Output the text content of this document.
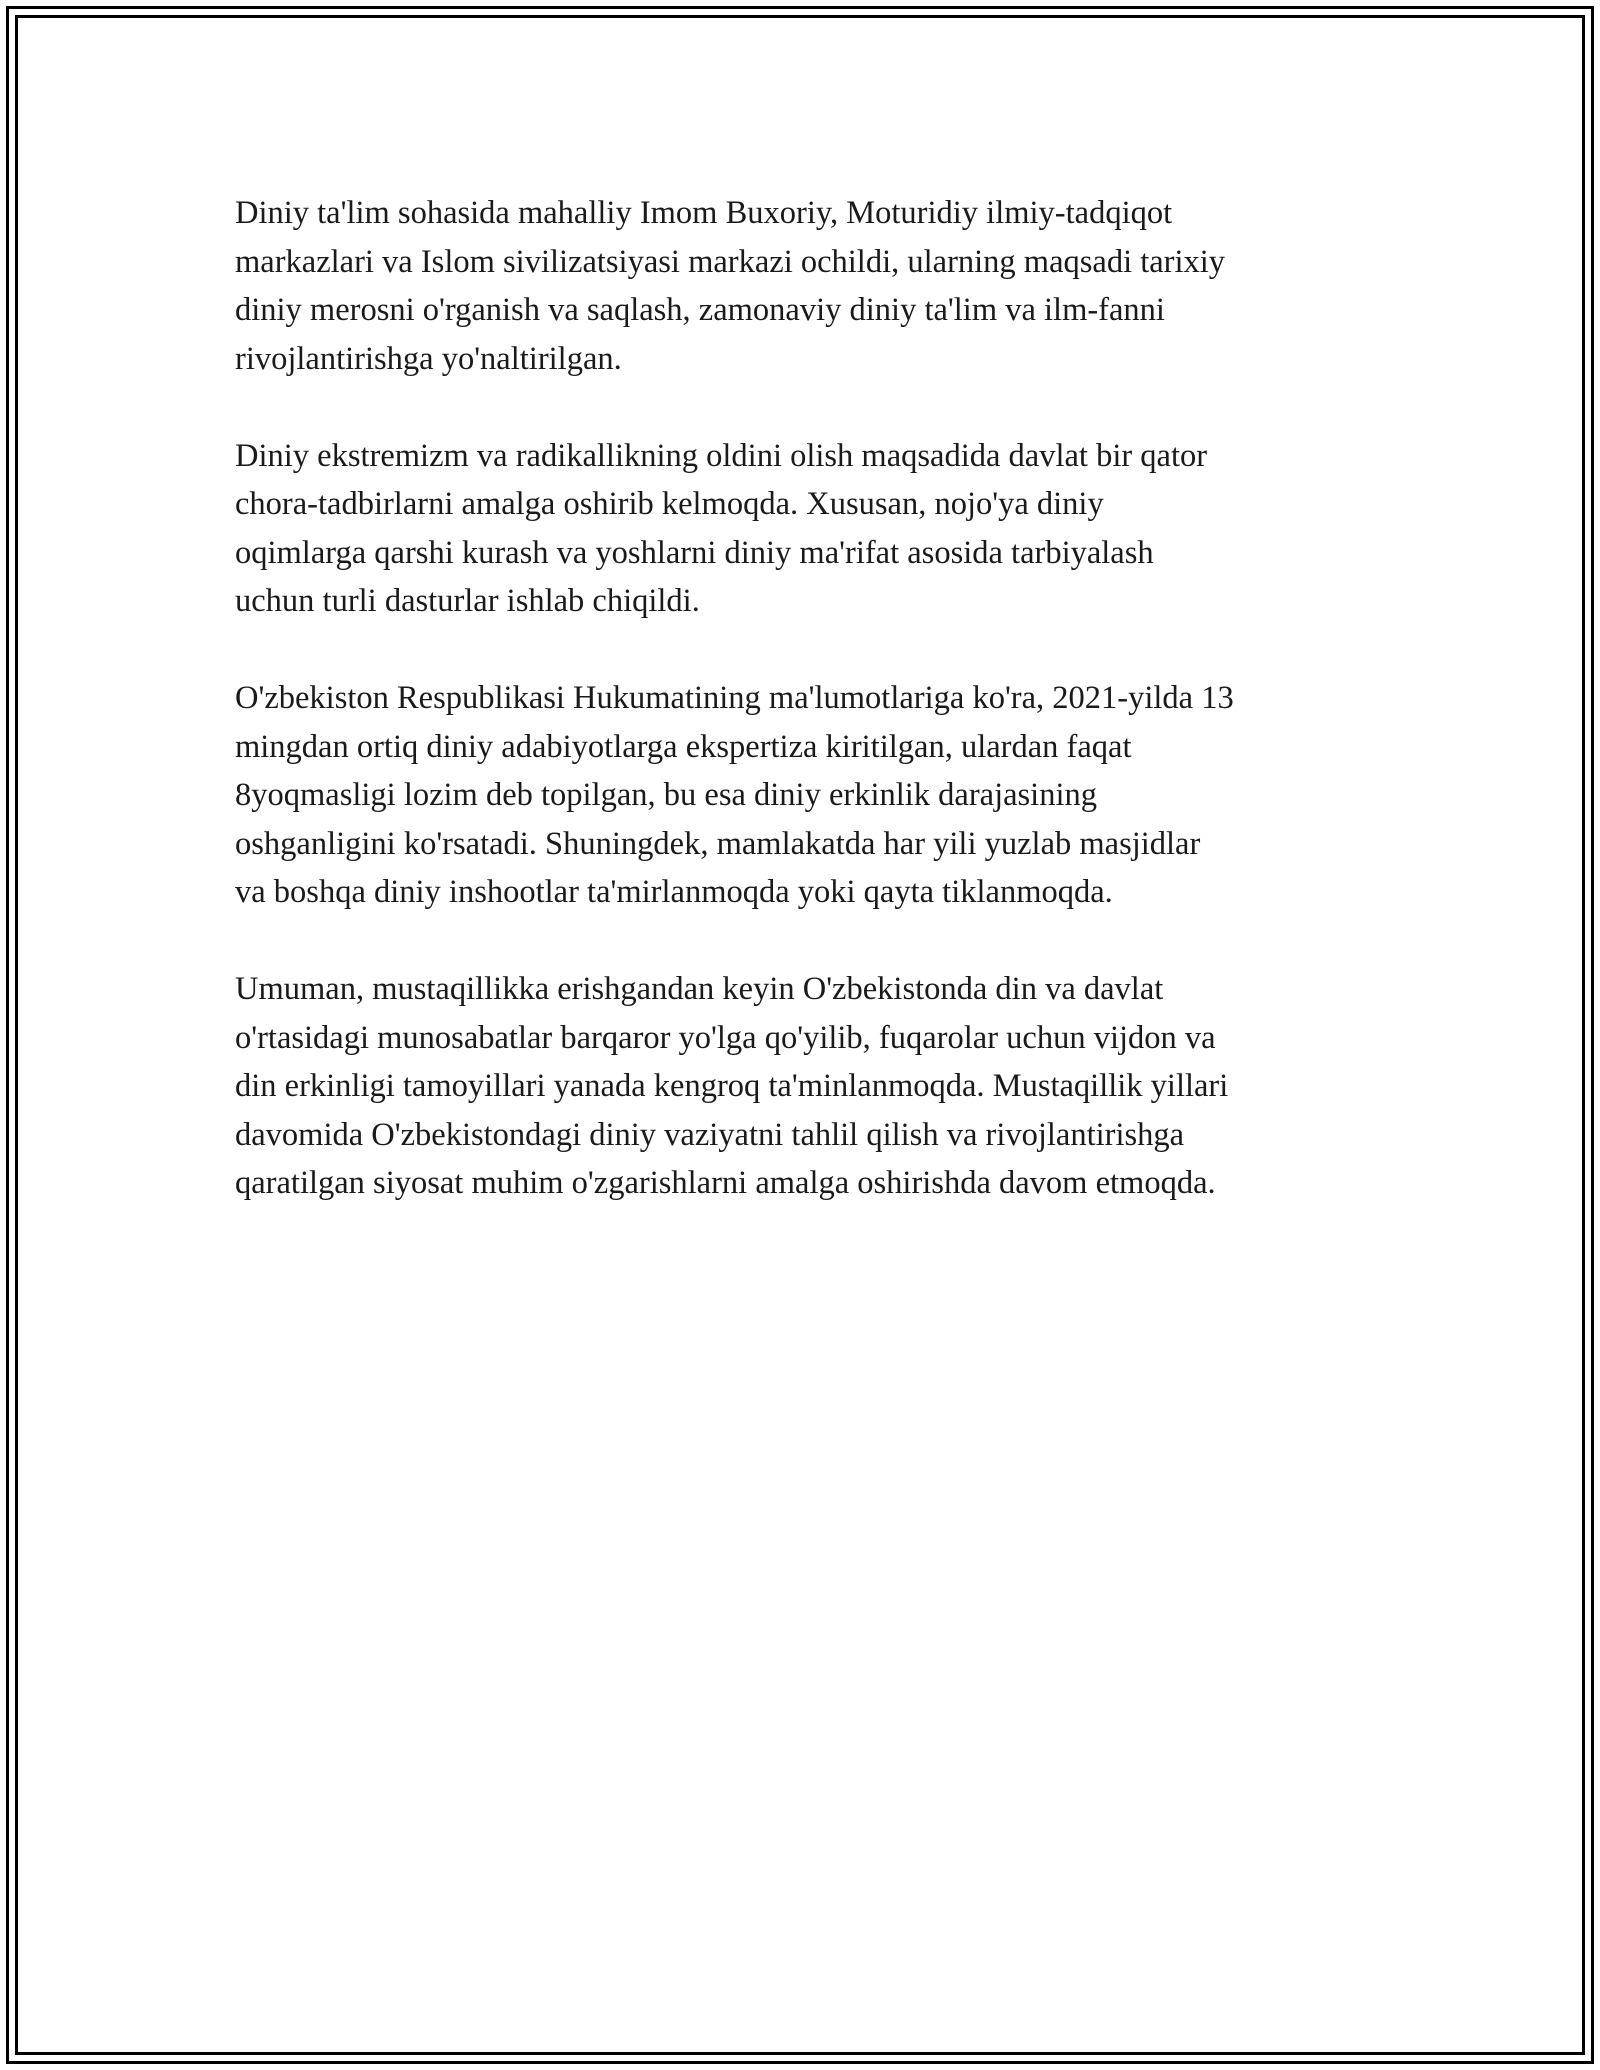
Diniy ta'lim sohasida mahalliy Imom Buxoriy, Moturidiy ilmiy-tadqiqot
markazlari va Islom sivilizatsiyasi markazi ochildi, ularning maqsadi tarixiy
diniy merosni o'rganish va saqlash, zamonaviy diniy ta'lim va ilm-fanni
rivojlantirishga yo'naltirilgan.

Diniy ekstremizm va radikallikning oldini olish maqsadida davlat bir qator
chora-tadbirlarni amalga oshirib kelmoqda. Xususan, nojo'ya diniy
oqimlarga qarshi kurash va yoshlarni diniy ma'rifat asosida tarbiyalash
uchun turli dasturlar ishlab chiqildi.

O'zbekiston Respublikasi Hukumatining ma'lumotlariga ko'ra, 2021-yilda 13
mingdan ortiq diniy adabiyotlarga ekspertiza kiritilgan, ulardan faqat
8yoqmasligi lozim deb topilgan, bu esa diniy erkinlik darajasining
oshganligini ko'rsatadi. Shuningdek, mamlakatda har yili yuzlab masjidlar
va boshqa diniy inshootlar ta'mirlanmoqda yoki qayta tiklanmoqda.

Umuman, mustaqillikka erishgandan keyin O'zbekistonda din va davlat
o'rtasidagi munosabatlar barqaror yo'lga qo'yilib, fuqarolar uchun vijdon va
din erkinligi tamoyillari yanada kengroq ta'minlanmoqda. Mustaqillik yillari
davomida O'zbekistondagi diniy vaziyatni tahlil qilish va rivojlantirishga
qaratilgan siyosat muhim o'zgarishlarni amalga oshirishda davom etmoqda.
